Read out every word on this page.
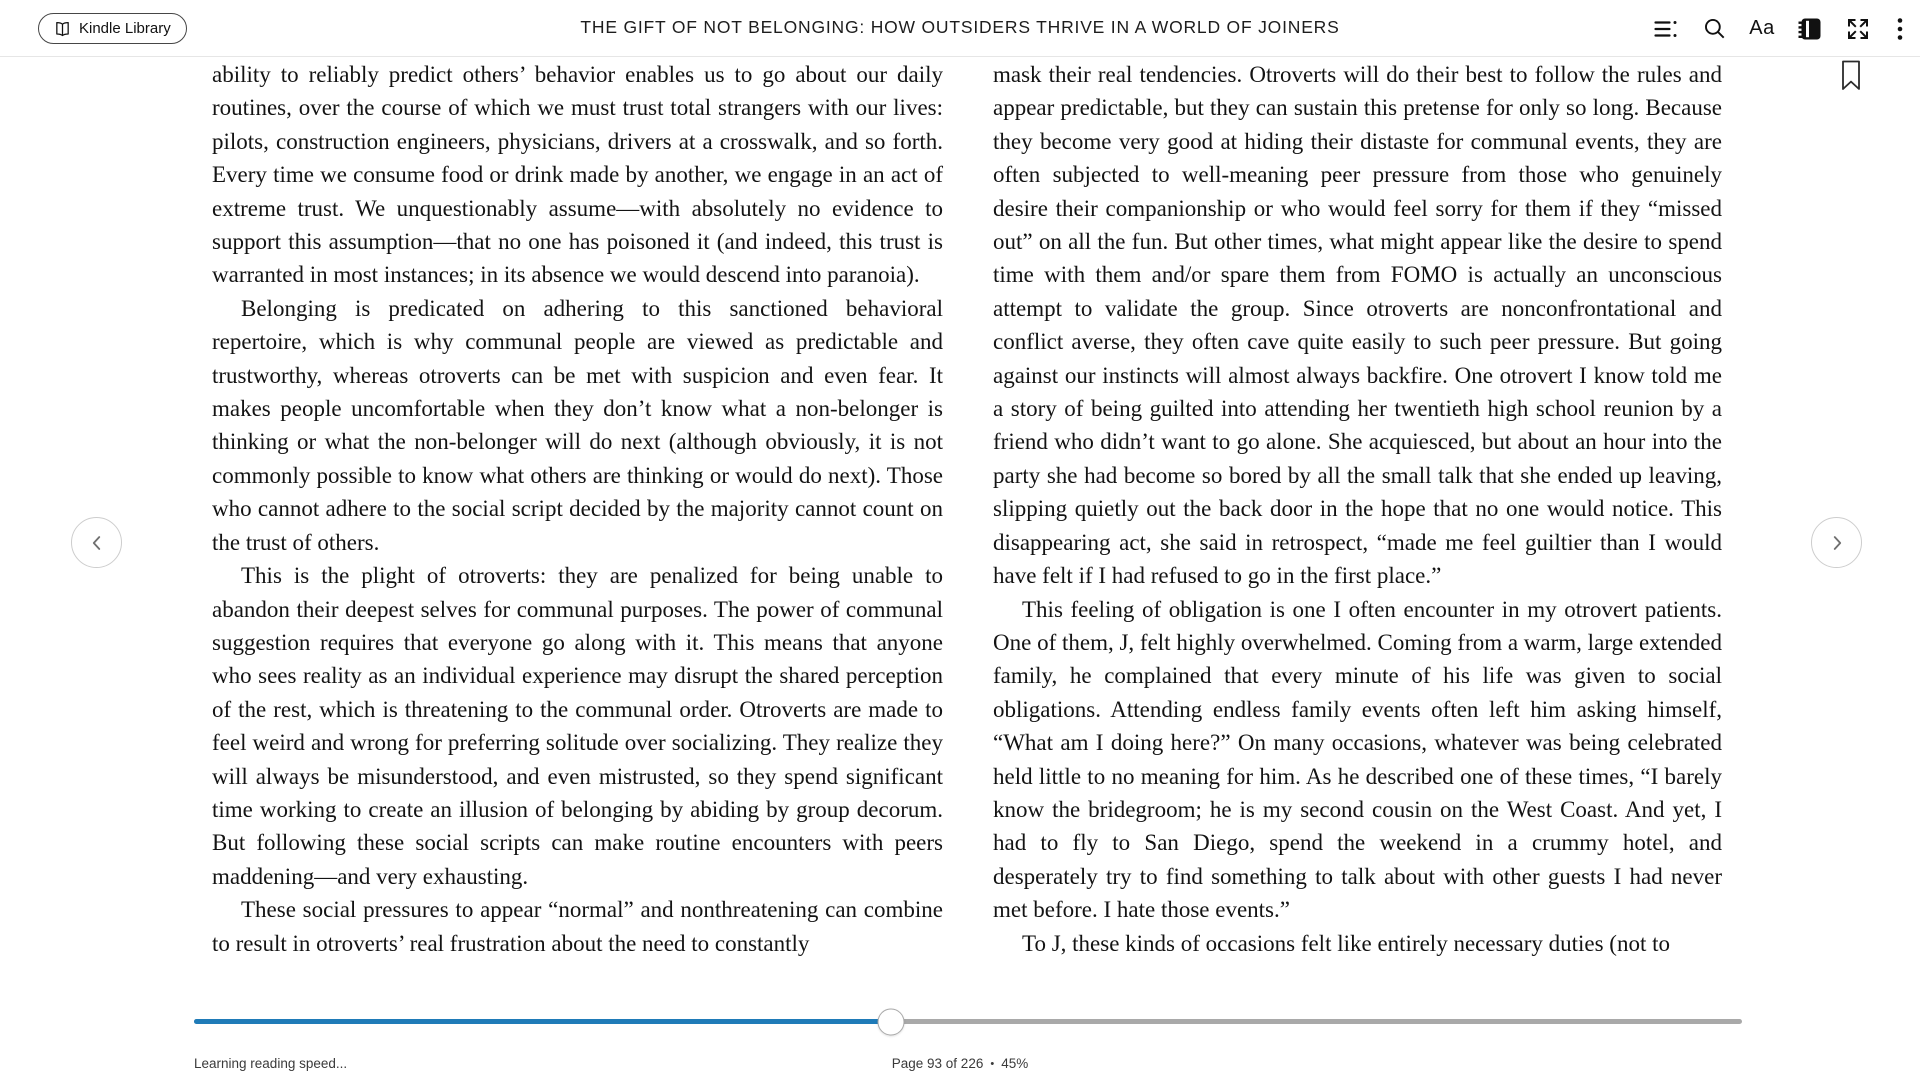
Kindle Library	THE GIFT OF NOT BELONGING: HOW OUTSIDERS THRIVE IN A WORLD OF JOINERS	Aa

ability to reliably predict others’ behavior enables us to go about our daily routines, over the course of which we must trust total strangers with our lives: pilots, construction engineers, physicians, drivers at a crosswalk, and so forth. Every time we consume food or drink made by another, we engage in an act of extreme trust. We unquestionably assume—with absolutely no evidence to support this assumption—that no one has poisoned it (and indeed, this trust is warranted in most instances; in its absence we would descend into paranoia).

Belonging is predicated on adhering to this sanctioned behavioral repertoire, which is why communal people are viewed as predictable and trustworthy, whereas otroverts can be met with suspicion and even fear. It makes people uncomfortable when they don’t know what a non-belonger is thinking or what the non-belonger will do next (although obviously, it is not commonly possible to know what others are thinking or would do next). Those who cannot adhere to the social script decided by the majority cannot count on the trust of others.

This is the plight of otroverts: they are penalized for being unable to abandon their deepest selves for communal purposes. The power of communal suggestion requires that everyone go along with it. This means that anyone who sees reality as an individual experience may disrupt the shared perception of the rest, which is threatening to the communal order. Otroverts are made to feel weird and wrong for preferring solitude over socializing. They realize they will always be misunderstood, and even mistrusted, so they spend significant time working to create an illusion of belonging by abiding by group decorum. But following these social scripts can make routine encounters with peers maddening—and very exhausting.

These social pressures to appear “normal” and nonthreatening can combine to result in otroverts’ real frustration about the need to constantly

mask their real tendencies. Otroverts will do their best to follow the rules and appear predictable, but they can sustain this pretense for only so long. Because they become very good at hiding their distaste for communal events, they are often subjected to well-meaning peer pressure from those who genuinely desire their companionship or who would feel sorry for them if they “missed out” on all the fun. But other times, what might appear like the desire to spend time with them and/or spare them from FOMO is actually an unconscious attempt to validate the group. Since otroverts are nonconfrontational and conflict averse, they often cave quite easily to such peer pressure. But going against our instincts will almost always backfire. One otrovert I know told me a story of being guilted into attending her twentieth high school reunion by a friend who didn’t want to go alone. She acquiesced, but about an hour into the party she had become so bored by all the small talk that she ended up leaving, slipping quietly out the back door in the hope that no one would notice. This disappearing act, she said in retrospect, “made me feel guiltier than I would have felt if I had refused to go in the first place.”

This feeling of obligation is one I often encounter in my otrovert patients. One of them, J, felt highly overwhelmed. Coming from a warm, large extended family, he complained that every minute of his life was given to social obligations. Attending endless family events often left him asking himself, “What am I doing here?” On many occasions, whatever was being celebrated held little to no meaning for him. As he described one of these times, “I barely know the bridegroom; he is my second cousin on the West Coast. And yet, I had to fly to San Diego, spend the weekend in a crummy hotel, and desperately try to find something to talk about with other guests I had never met before. I hate those events.”

To J, these kinds of occasions felt like entirely necessary duties (not to

Learning reading speed...	Page 93 of 226 • 45%
